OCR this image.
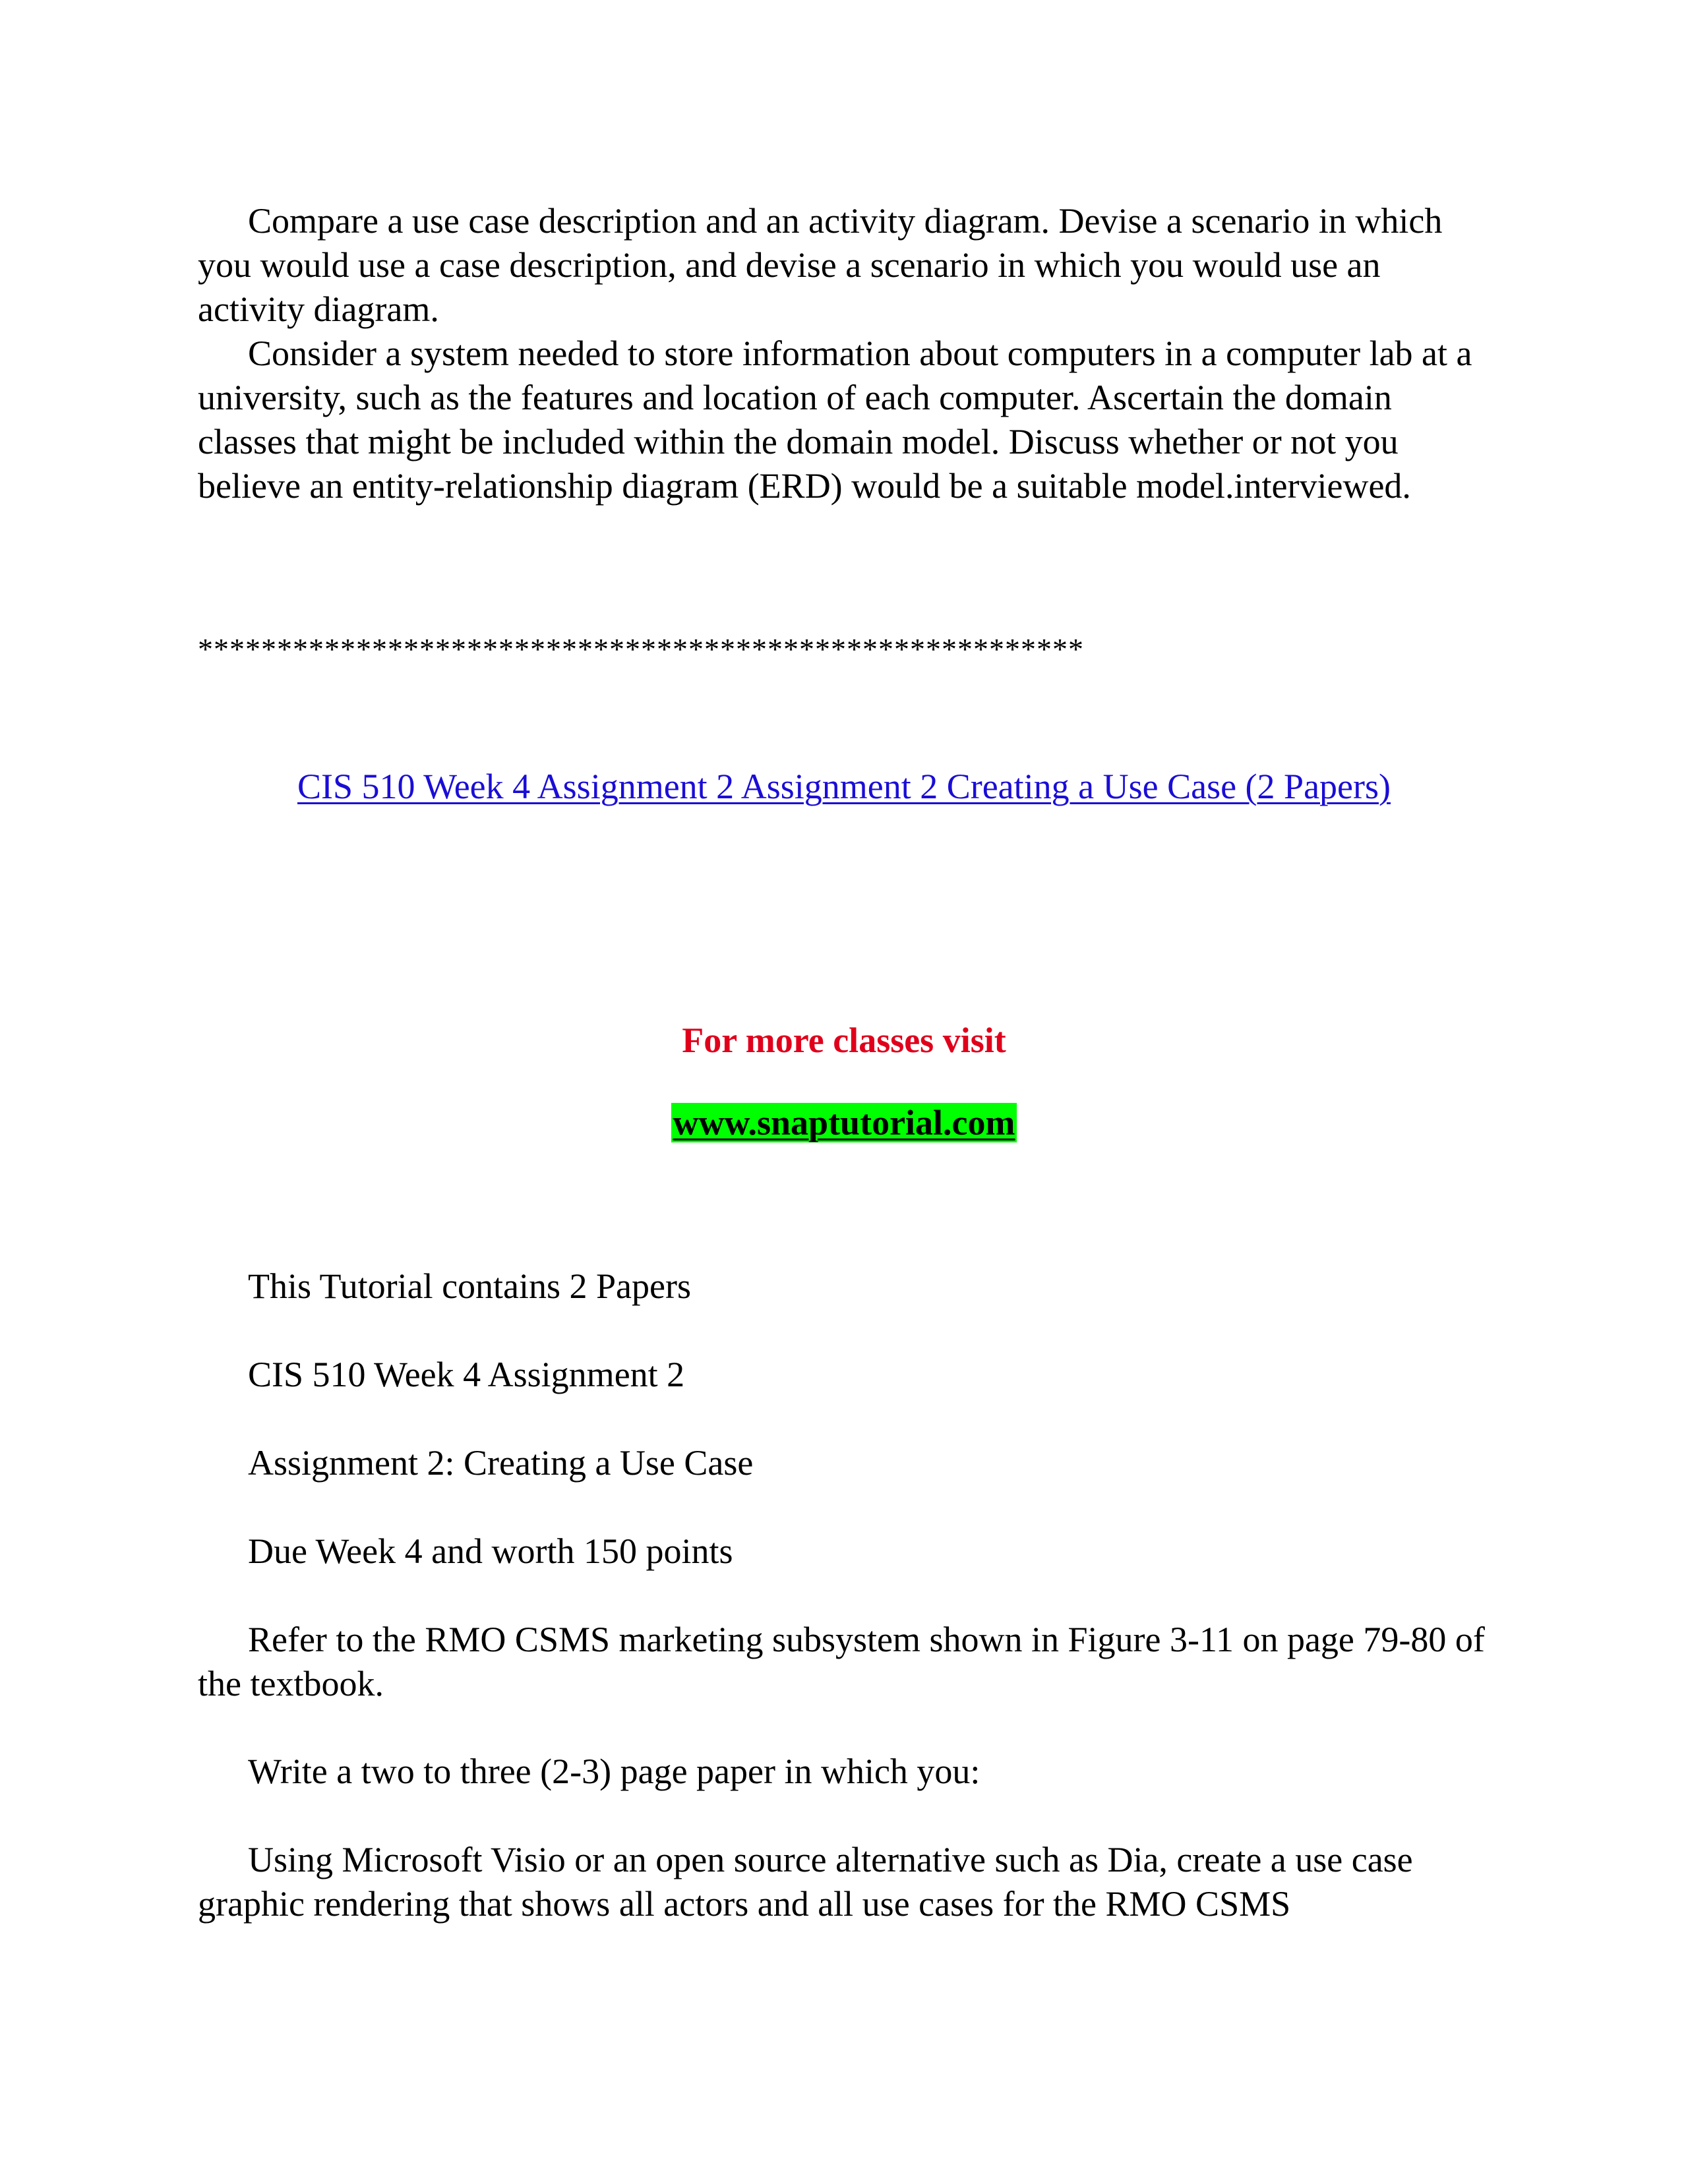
Compare a use case description and an activity diagram. Devise a scenario in which you would use a case description, and devise a scenario in which you would use an activity diagram.

Consider a system needed to store information about computers in a computer lab at a university, such as the features and location of each computer. Ascertain the domain classes that might be included within the domain model. Discuss whether or not you believe an entity-relationship diagram (ERD) would be a suitable model.interviewed.

********************************************************

CIS 510 Week 4 Assignment 2 Assignment 2 Creating a Use Case (2 Papers)
For more classes visit
www.snaptutorial.com

This Tutorial contains 2 Papers

CIS 510 Week 4 Assignment 2

Assignment 2: Creating a Use Case

Due Week 4 and worth 150 points

Refer to the RMO CSMS marketing subsystem shown in Figure 3-11 on page 79-80 of the textbook.

Write a two to three (2-3) page paper in which you:

Using Microsoft Visio or an open source alternative such as Dia, create a use case graphic rendering that shows all actors and all use cases for the RMO CSMS
